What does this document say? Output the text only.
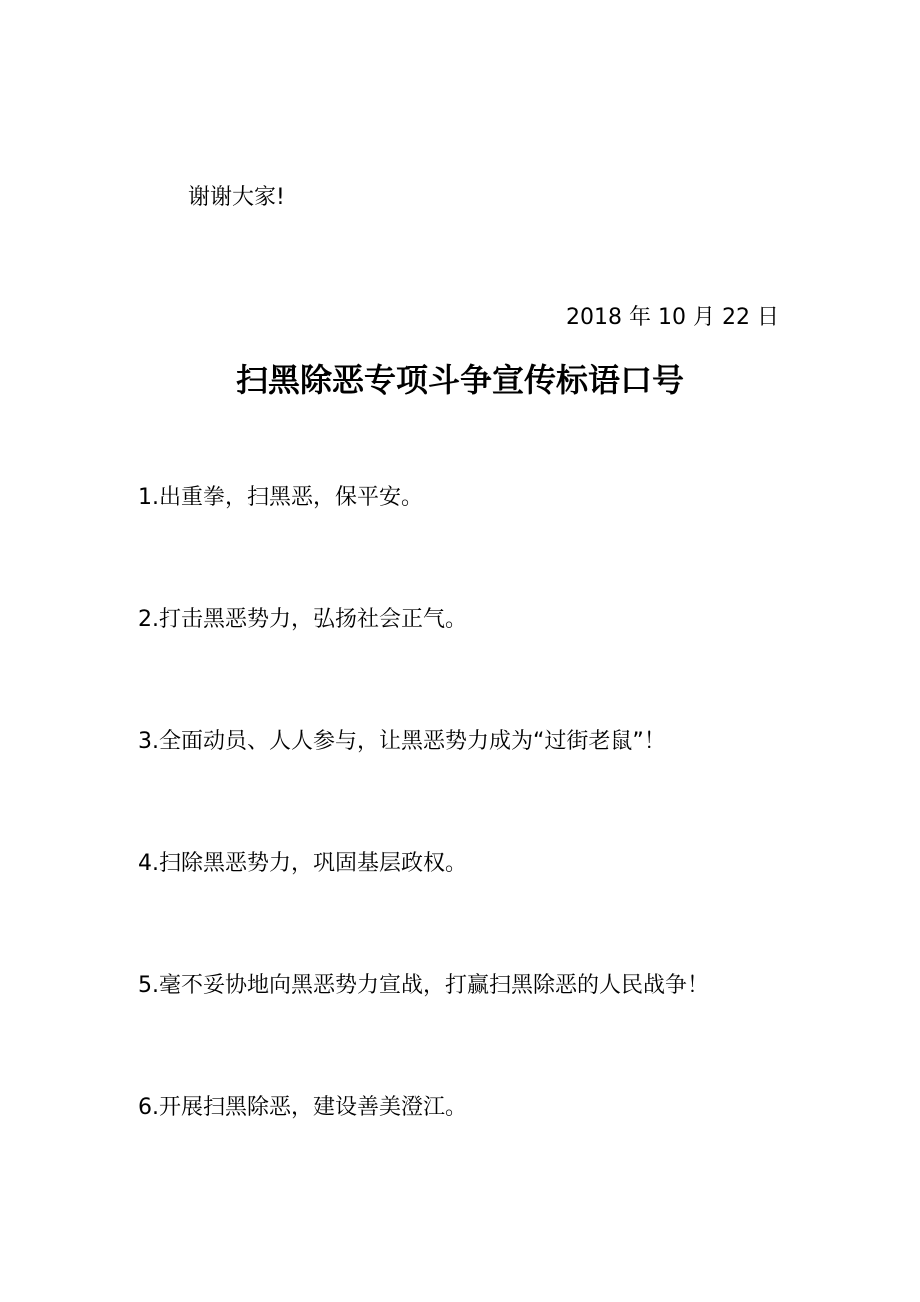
谢谢大家!
2018 年 10 月 22 日
扫黑除恶专项斗争宣传标语口号
1.出重拳，扫黑恶，保平安。
2.打击黑恶势力，弘扬社会正气。
3.全面动员、人人参与，让黑恶势力成为“过街老鼠”！
4.扫除黑恶势力，巩固基层政权。
5.毫不妥协地向黑恶势力宣战，打赢扫黑除恶的人民战争！
6.开展扫黑除恶，建设善美澄江。
